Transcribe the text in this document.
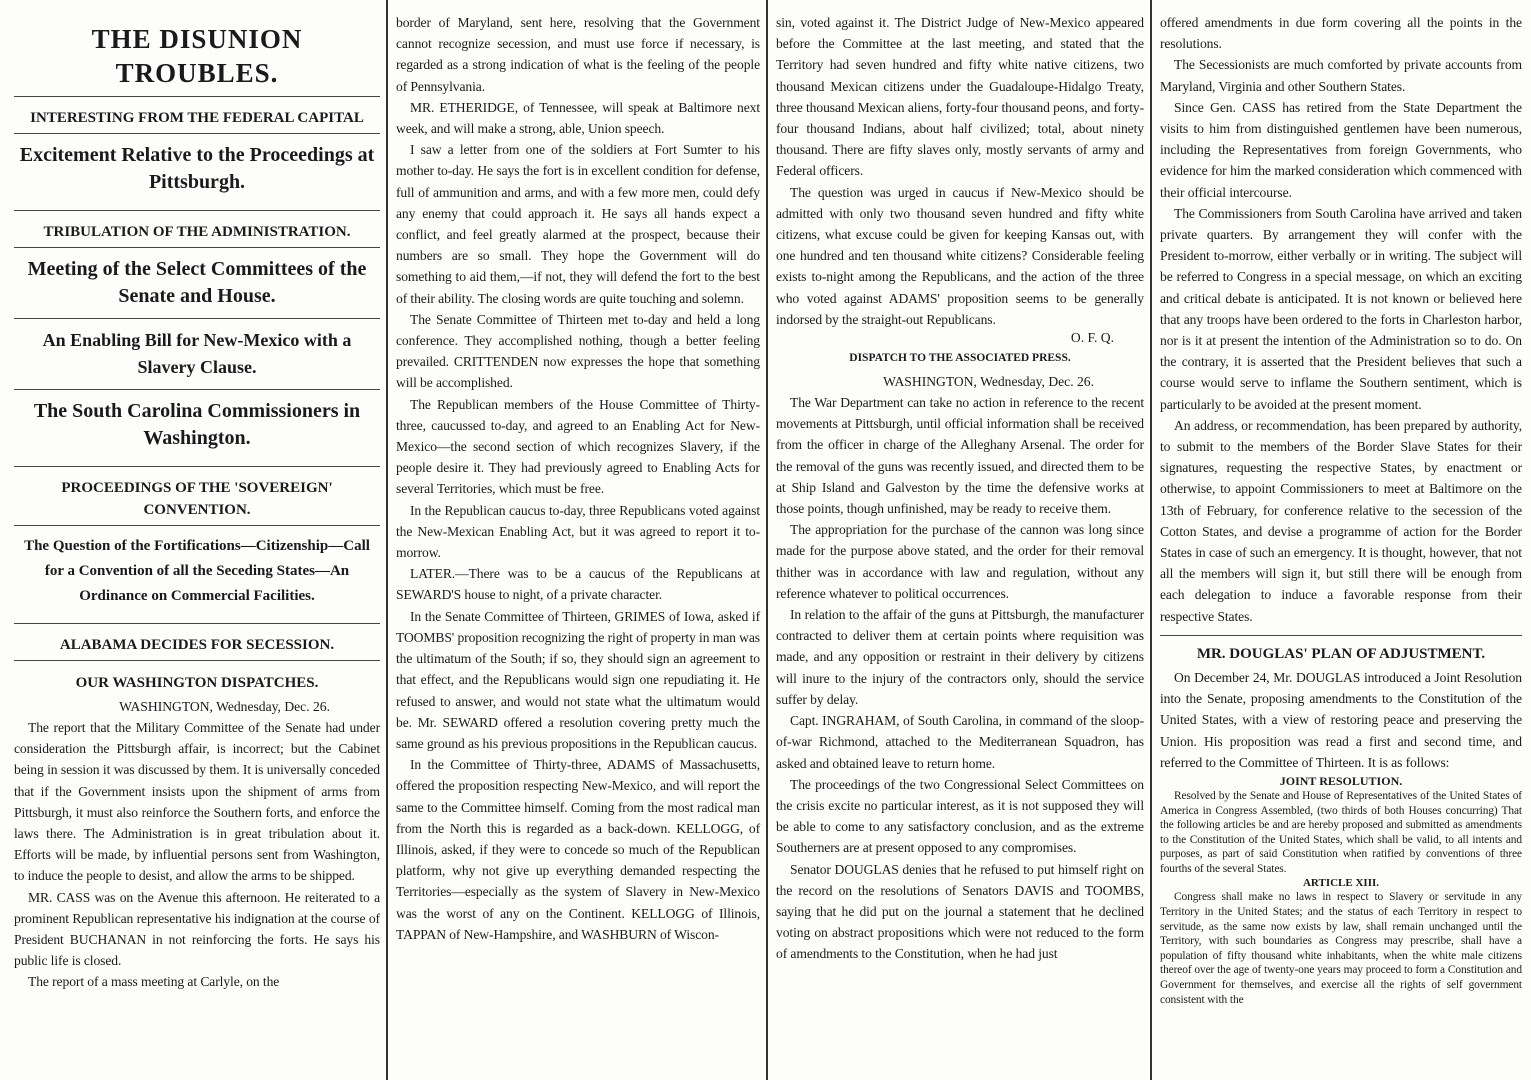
THE DISUNION TROUBLES.
INTERESTING FROM THE FEDERAL CAPITAL
Excitement Relative to the Proceedings at Pittsburgh.
TRIBULATION OF THE ADMINISTRATION.
Meeting of the Select Committees of the Senate and House.
An Enabling Bill for New-Mexico with a Slavery Clause.
The South Carolina Commissioners in Washington.
PROCEEDINGS OF THE 'SOVEREIGN' CONVENTION.
The Question of the Fortifications—Citizenship—Call for a Convention of all the Seceding States—An Ordinance on Commercial Facilities.
ALABAMA DECIDES FOR SECESSION.
OUR WASHINGTON DISPATCHES.
WASHINGTON, Wednesday, Dec. 26.

The report that the Military Committee of the Senate had under consideration the Pittsburgh affair, is incorrect; but the Cabinet being in session it was discussed by them. It is universally conceded that if the Government insists upon the shipment of arms from Pittsburgh, it must also reinforce the Southern forts, and enforce the laws there. The Administration is in great tribulation about it. Efforts will be made, by influential persons sent from Washington, to induce the people to desist, and allow the arms to be shipped.

MR. CASS was on the Avenue this afternoon. He reiterated to a prominent Republican representative his indignation at the course of President BUCHANAN in not reinforcing the forts. He says his public life is closed.

The report of a mass meeting at Carlyle, on the

border of Maryland, sent here, resolving that the Government cannot recognize secession, and must use force if necessary, is regarded as a strong indication of what is the feeling of the people of Pennsylvania.

MR. ETHERIDGE, of Tennessee, will speak at Baltimore next week, and will make a strong, able, Union speech.

I saw a letter from one of the soldiers at Fort Sumter to his mother to-day. He says the fort is in excellent condition for defense, full of ammunition and arms, and with a few more men, could defy any enemy that could approach it. He says all hands expect a conflict, and feel greatly alarmed at the prospect, because their numbers are so small. They hope the Government will do something to aid them,—if not, they will defend the fort to the best of their ability. The closing words are quite touching and solemn.

The Senate Committee of Thirteen met to-day and held a long conference. They accomplished nothing, though a better feeling prevailed. CRITTENDEN now expresses the hope that something will be accomplished.

The Republican members of the House Committee of Thirty-three, caucussed to-day, and agreed to an Enabling Act for New-Mexico—the second section of which recognizes Slavery, if the people desire it. They had previously agreed to Enabling Acts for several Territories, which must be free.

In the Republican caucus to-day, three Republicans voted against the New-Mexican Enabling Act, but it was agreed to report it to-morrow.

LATER.—There was to be a caucus of the Republicans at SEWARD'S house to night, of a private character.

In the Senate Committee of Thirteen, GRIMES of Iowa, asked if TOOMBS' proposition recognizing the right of property in man was the ultimatum of the South; if so, they should sign an agreement to that effect, and the Republicans would sign one repudiating it. He refused to answer, and would not state what the ultimatum would be. Mr. SEWARD offered a resolution covering pretty much the same ground as his previous propositions in the Republican caucus.

In the Committee of Thirty-three, ADAMS of Massachusetts, offered the proposition respecting New-Mexico, and will report the same to the Committee himself. Coming from the most radical man from the North this is regarded as a back-down. KELLOGG, of Illinois, asked, if they were to concede so much of the Republican platform, why not give up everything demanded respecting the Territories—especially as the system of Slavery in New-Mexico was the worst of any on the Continent. KELLOGG of Illinois, TAPPAN of New-Hampshire, and WASHBURN of Wiscon-

sin, voted against it. The District Judge of New-Mexico appeared before the Committee at the last meeting, and stated that the Territory had seven hundred and fifty white native citizens, two thousand Mexican citizens under the Guadaloupe-Hidalgo Treaty, three thousand Mexican aliens, forty-four thousand peons, and forty-four thousand Indians, about half civilized; total, about ninety thousand. There are fifty slaves only, mostly servants of army and Federal officers.

The question was urged in caucus if New-Mexico should be admitted with only two thousand seven hundred and fifty white citizens, what excuse could be given for keeping Kansas out, with one hundred and ten thousand white citizens? Considerable feeling exists to-night among the Republicans, and the action of the three who voted against ADAMS' proposition seems to be generally indorsed by the straight-out Republicans.

O. F. Q.
DISPATCH TO THE ASSOCIATED PRESS.
WASHINGTON, Wednesday, Dec. 26.

The War Department can take no action in reference to the recent movements at Pittsburgh, until official information shall be received from the officer in charge of the Alleghany Arsenal. The order for the removal of the guns was recently issued, and directed them to be at Ship Island and Galveston by the time the defensive works at those points, though unfinished, may be ready to receive them.

The appropriation for the purchase of the cannon was long since made for the purpose above stated, and the order for their removal thither was in accordance with law and regulation, without any reference whatever to political occurrences.

In relation to the affair of the guns at Pittsburgh, the manufacturer contracted to deliver them at certain points where requisition was made, and any opposition or restraint in their delivery by citizens will inure to the injury of the contractors only, should the service suffer by delay.

Capt. INGRAHAM, of South Carolina, in command of the sloop-of-war Richmond, attached to the Mediterranean Squadron, has asked and obtained leave to return home.

The proceedings of the two Congressional Select Committees on the crisis excite no particular interest, as it is not supposed they will be able to come to any satisfactory conclusion, and as the extreme Southerners are at present opposed to any compromises.

Senator DOUGLAS denies that he refused to put himself right on the record on the resolutions of Senators DAVIS and TOOMBS, saying that he did put on the journal a statement that he declined voting on abstract propositions which were not reduced to the form of amendments to the Constitution, when he had just

offered amendments in due form covering all the points in the resolutions.

The Secessionists are much comforted by private accounts from Maryland, Virginia and other Southern States.

Since Gen. CASS has retired from the State Department the visits to him from distinguished gentlemen have been numerous, including the Representatives from foreign Governments, who evidence for him the marked consideration which commenced with their official intercourse.

The Commissioners from South Carolina have arrived and taken private quarters. By arrangement they will confer with the President to-morrow, either verbally or in writing. The subject will be referred to Congress in a special message, on which an exciting and critical debate is anticipated. It is not known or believed here that any troops have been ordered to the forts in Charleston harbor, nor is it at present the intention of the Administration so to do. On the contrary, it is asserted that the President believes that such a course would serve to inflame the Southern sentiment, which is particularly to be avoided at the present moment.

An address, or recommendation, has been prepared by authority, to submit to the members of the Border Slave States for their signatures, requesting the respective States, by enactment or otherwise, to appoint Commissioners to meet at Baltimore on the 13th of February, for conference relative to the secession of the Cotton States, and devise a programme of action for the Border States in case of such an emergency. It is thought, however, that not all the members will sign it, but still there will be enough from each delegation to induce a favorable response from their respective States.

MR. DOUGLAS' PLAN OF ADJUSTMENT.

On December 24, Mr. DOUGLAS introduced a Joint Resolution into the Senate, proposing amendments to the Constitution of the United States, with a view of restoring peace and preserving the Union. His proposition was read a first and second time, and referred to the Committee of Thirteen. It is as follows:

JOINT RESOLUTION.

Resolved by the Senate and House of Representatives of the United States of America in Congress Assembled, (two thirds of both Houses concurring) That the following articles be and are hereby proposed and submitted as amendments to the Constitution of the United States, which shall be valid, to all intents and purposes, as part of said Constitution when ratified by conventions of three fourths of the several States.

ARTICLE XIII.

Congress shall make no laws in respect to Slavery or servitude in any Territory in the United States; and the status of each Territory in respect to servitude, as the same now exists by law, shall remain unchanged until the Territory, with such boundaries as Congress may prescribe, shall have a population of fifty thousand white inhabitants, when the white male citizens thereof over the age of twenty-one years may proceed to form a Constitution and Government for themselves, and exercise all the rights of self government consistent with the
